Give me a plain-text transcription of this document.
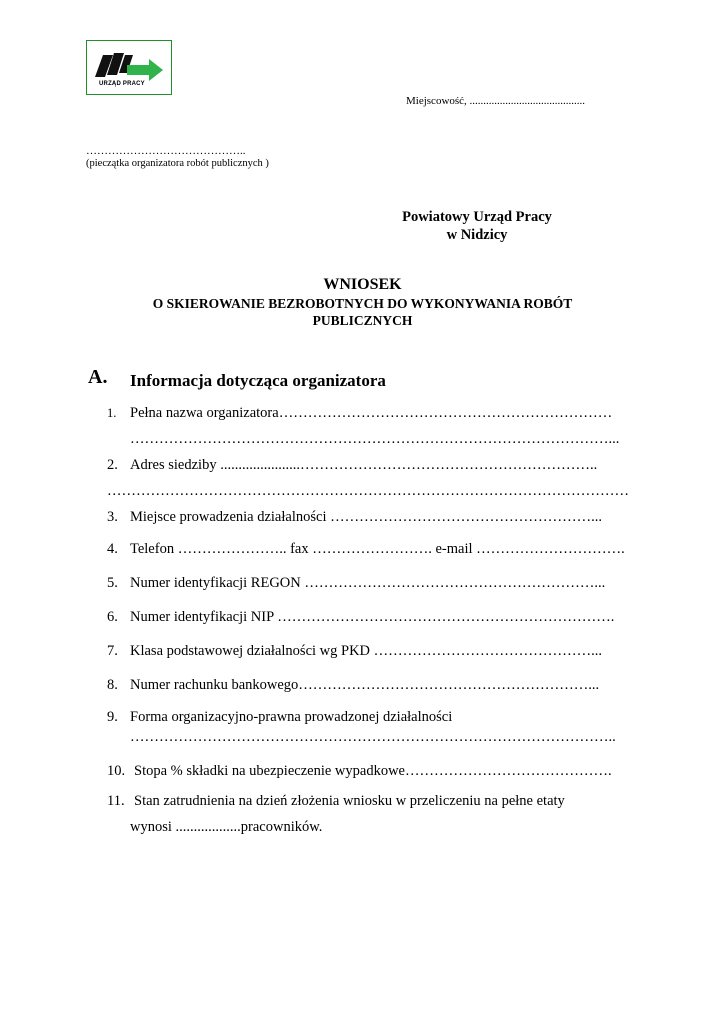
URZĄD PRACY
Miejscowość, ..........................................
……………………………………..
(pieczątka organizatora robót publicznych )
Powiatowy Urząd Pracy
w Nidzicy
WNIOSEK
O SKIEROWANIE BEZROBOTNYCH DO WYKONYWANIA ROBÓT
PUBLICZNYCH
A. Informacja dotycząca organizatora
1. Pełna nazwa organizatora……………………………………………………………
………………………………………………………………………………………...
2. Adres siedziby ......................……………………………………………………..
………………………………………………………………………………………………
3. Miejsce prowadzenia działalności ………………………………………………...
4. Telefon ………………….. fax ……………………. e-mail ………………………….
5. Numer identyfikacji REGON ……………………………………………………...
6. Numer identyfikacji NIP …………………………………………………………….
7. Klasa podstawowej działalności wg PKD ………………………………………...
8. Numer rachunku bankowego……………………………………………………...
9. Forma organizacyjno-prawna prowadzonej działalności
………………………………………………………………………………………..
10. Stopa % składki na ubezpieczenie wypadkowe…………………………………….
11. Stan zatrudnienia na dzień złożenia wniosku w przeliczeniu na pełne etaty
wynosi ..................pracowników.
